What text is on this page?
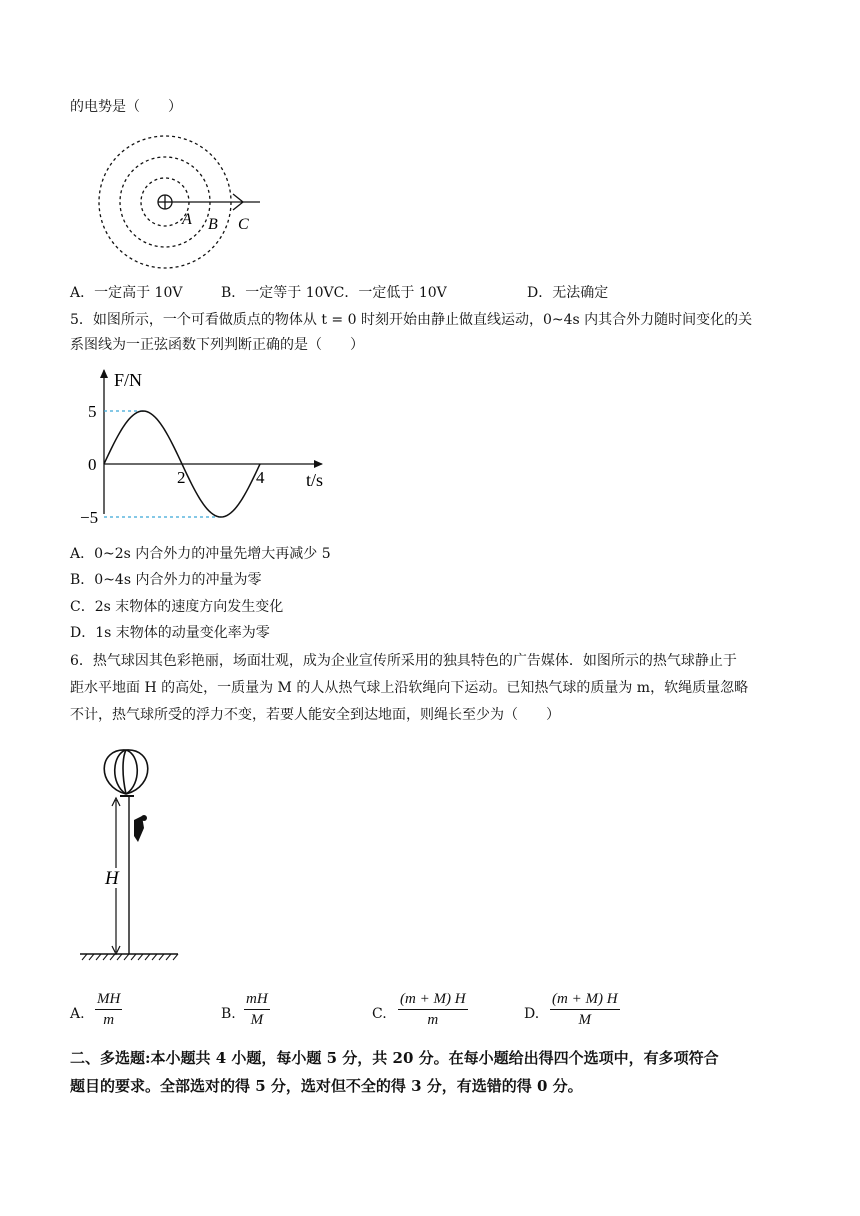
的电势是（　　）
A B C
A．一定高于 10V	B．一定等于 10VC．一定低于 10V	D．无法确定
5．如图所示，一个可看做质点的物体从 t = 0 时刻开始由静止做直线运动，0~4s 内其合外力随时间变化的关
系图线为一正弦函数下列判断正确的是（　　）
F/N
t/s
2	4
5
0
−5
A．0~2s 内合外力的冲量先增大再减少 5
B．0~4s 内合外力的冲量为零
C．2s 末物体的速度方向发生变化
D．1s 末物体的动量变化率为零
6．热气球因其色彩艳丽，场面壮观，成为企业宣传所采用的独具特色的广告媒体．如图所示的热气球静止于
距水平地面 H 的高处，一质量为 M 的人从热气球上沿软绳向下运动。已知热气球的质量为 m，软绳质量忽略
不计，热气球所受的浮力不变，若要人能安全到达地面，则绳长至少为（　　）
H
A. $\frac{MH}{m}$	B. $\frac{mH}{M}$	C. $\frac{(m + M) H}{m}$	D. $\frac{(m + M) H}{M}$
二、多选题:本小题共 4 小题，每小题 5 分，共 20 分。在每小题给出得四个选项中，有多项符合
题目的要求。全部选对的得 5 分，选对但不全的得 3 分，有选错的得 0 分。
